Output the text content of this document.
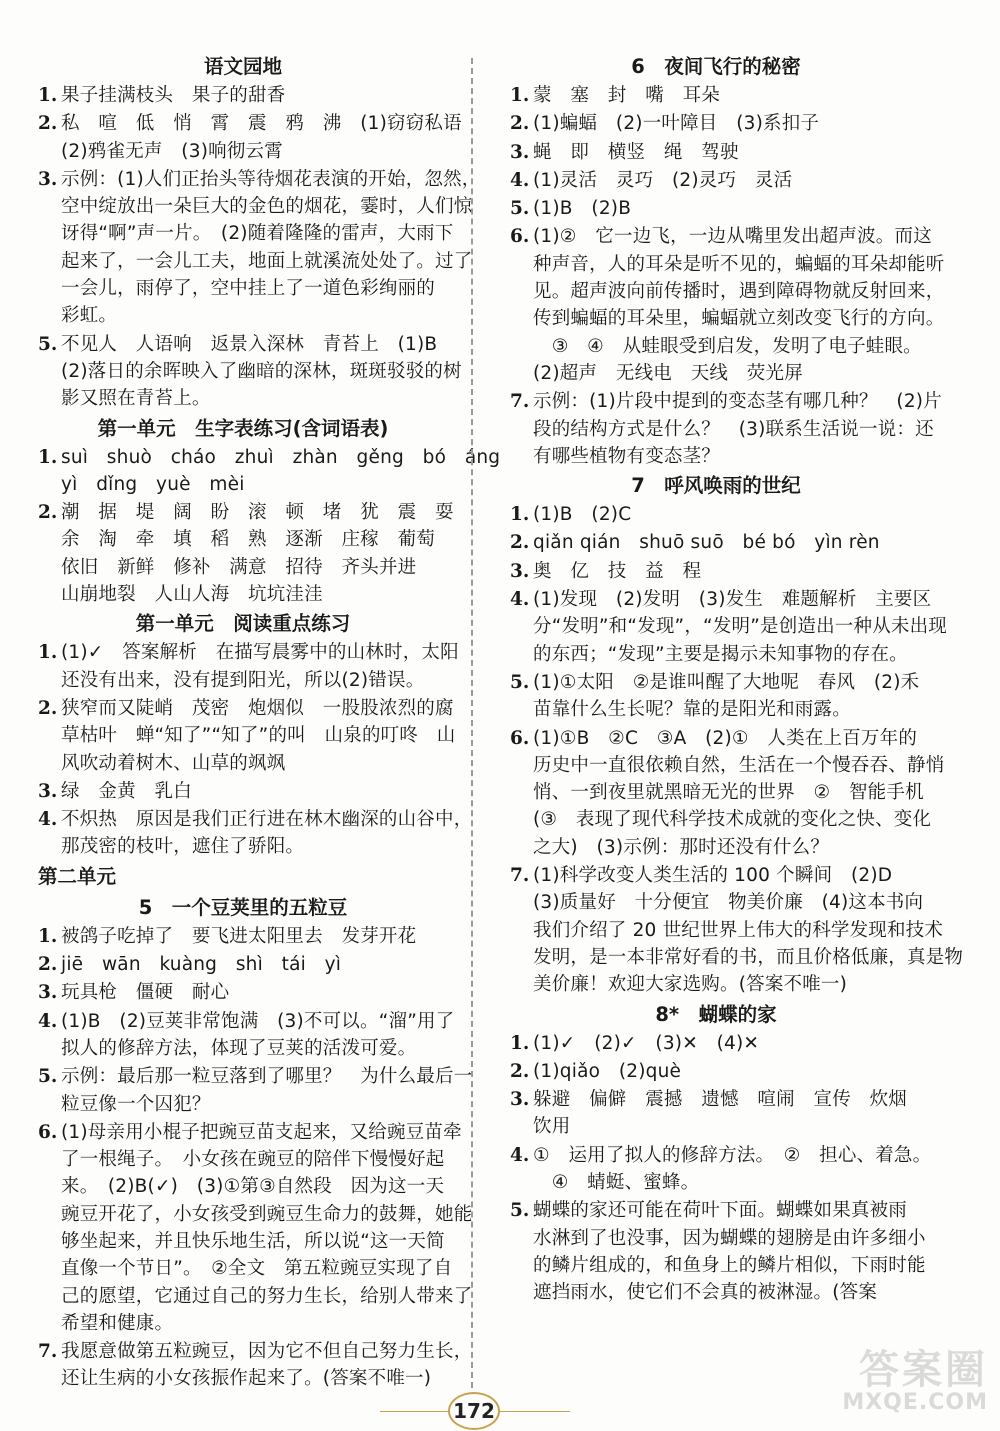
语文园地
1. 果子挂满枝头　果子的甜香
2. 私　喧　低　悄　霄　震　鸦　沸　(1)窃窃私语
(2)鸦雀无声　(3)响彻云霄
3. 示例：(1)人们正抬头等待烟花表演的开始，忽然，
空中绽放出一朵巨大的金色的烟花，霎时，人们惊
讶得“啊”声一片。　(2)随着隆隆的雷声，大雨下
起来了，一会儿工夫，地面上就溪流处处了。过了
一会儿，雨停了，空中挂上了一道色彩绚丽的
彩虹。
5. 不见人　人语响　返景入深林　青苔上　(1)B
(2)落日的余晖映入了幽暗的深林，斑斑驳驳的树
影又照在青苔上。
第一单元　生字表练习(含词语表)
1. suì　shuò　cháo　zhuì　zhàn　gěng　bó　áng
yì　dǐng　yuè　mèi
2. 潮　据　堤　阔　盼　滚　顿　堵　犹　震　耍
余　淘　牵　填　稻　熟　逐渐　庄稼　葡萄
依旧　新鲜　修补　满意　招待　齐头并进
山崩地裂　人山人海　坑坑洼洼
第一单元　阅读重点练习
1. (1)✓　答案解析　在描写晨雾中的山林时，太阳
还没有出来，没有提到阳光，所以(2)错误。
2. 狭窄而又陡峭　茂密　炮烟似　一股股浓烈的腐
草枯叶　蝉“知了”“知了”的叫　山泉的叮咚　山
风吹动着树木、山草的飒飒
3. 绿　金黄　乳白
4. 不炽热　原因是我们正行进在林木幽深的山谷中，
那茂密的枝叶，遮住了骄阳。
第二单元
5　一个豆荚里的五粒豆
1. 被鸽子吃掉了　要飞进太阳里去　发芽开花
2. jiē　wān　kuàng　shì　tái　yì
3. 玩具枪　僵硬　耐心
4. (1)B　(2)豆荚非常饱满　(3)不可以。“溜”用了
拟人的修辞方法，体现了豆荚的活泼可爱。
5. 示例：最后那一粒豆落到了哪里？　为什么最后一
粒豆像一个囚犯？
6. (1)母亲用小棍子把豌豆苗支起来，又给豌豆苗牵
了一根绳子。　小女孩在豌豆的陪伴下慢慢好起
来。　(2)B(✓)　(3)①第③自然段　因为这一天
豌豆开花了，小女孩受到豌豆生命力的鼓舞，她能
够坐起来，并且快乐地生活，所以说“这一天简
直像一个节日”。　②全文　第五粒豌豆实现了自
己的愿望，它通过自己的努力生长，给别人带来了
希望和健康。
7. 我愿意做第五粒豌豆，因为它不但自己努力生长，
还让生病的小女孩振作起来了。(答案不唯一)
6　夜间飞行的秘密
1. 蒙　塞　封　嘴　耳朵
2. (1)蝙蝠　(2)一叶障目　(3)系扣子
3. 蝇　即　横竖　绳　驾驶
4. (1)灵活　灵巧　(2)灵巧　灵活
5. (1)B　(2)B
6. (1)②　它一边飞，一边从嘴里发出超声波。而这
种声音，人的耳朵是听不见的，蝙蝠的耳朵却能听
见。超声波向前传播时，遇到障碍物就反射回来，
传到蝙蝠的耳朵里，蝙蝠就立刻改变飞行的方向。
　③　④　从蛙眼受到启发，发明了电子蛙眼。
(2)超声　无线电　天线　荧光屏
7. 示例：(1)片段中提到的变态茎有哪几种？　(2)片
段的结构方式是什么？　(3)联系生活说一说：还
有哪些植物有变态茎？
7　呼风唤雨的世纪
1. (1)B　(2)C
2. qiǎn qián　shuō suō　bé bó　yìn rèn
3. 奥　亿　技　益　程
4. (1)发现　(2)发明　(3)发生　难题解析　主要区
分“发明”和“发现”，“发明”是创造出一种从未出现
的东西；“发现”主要是揭示未知事物的存在。
5. (1)①太阳　②是谁叫醒了大地呢　春风　(2)禾
苗靠什么生长呢？靠的是阳光和雨露。
6. (1)①B　②C　③A　(2)①　人类在上百万年的
历史中一直很依赖自然，生活在一个慢吞吞、静悄
悄、一到夜里就黑暗无光的世界　②　智能手机
(③　表现了现代科学技术成就的变化之快、变化
之大)　(3)示例：那时还没有什么？
7. (1)科学改变人类生活的 100 个瞬间　(2)D
(3)质量好　十分便宜　物美价廉　(4)这本书向
我们介绍了 20 世纪世界上伟大的科学发现和技术
发明，是一本非常好看的书，而且价格低廉，真是物
美价廉！欢迎大家选购。(答案不唯一)
8*　蝴蝶的家
1. (1)✓　(2)✓　(3)✕　(4)✕
2. (1)qiǎo　(2)què
3. 躲避　偏僻　震撼　遗憾　喧闹　宣传　炊烟
饮用
4. ①　运用了拟人的修辞方法。　②　担心、着急。
　④　蜻蜓、蜜蜂。
5. 蝴蝶的家还可能在荷叶下面。蝴蝶如果真被雨
水淋到了也没事，因为蝴蝶的翅膀是由许多细小
的鳞片组成的，和鱼身上的鳞片相似，下雨时能
遮挡雨水，使它们不会真的被淋湿。(答案
172
答案圈
MXQE.COM
